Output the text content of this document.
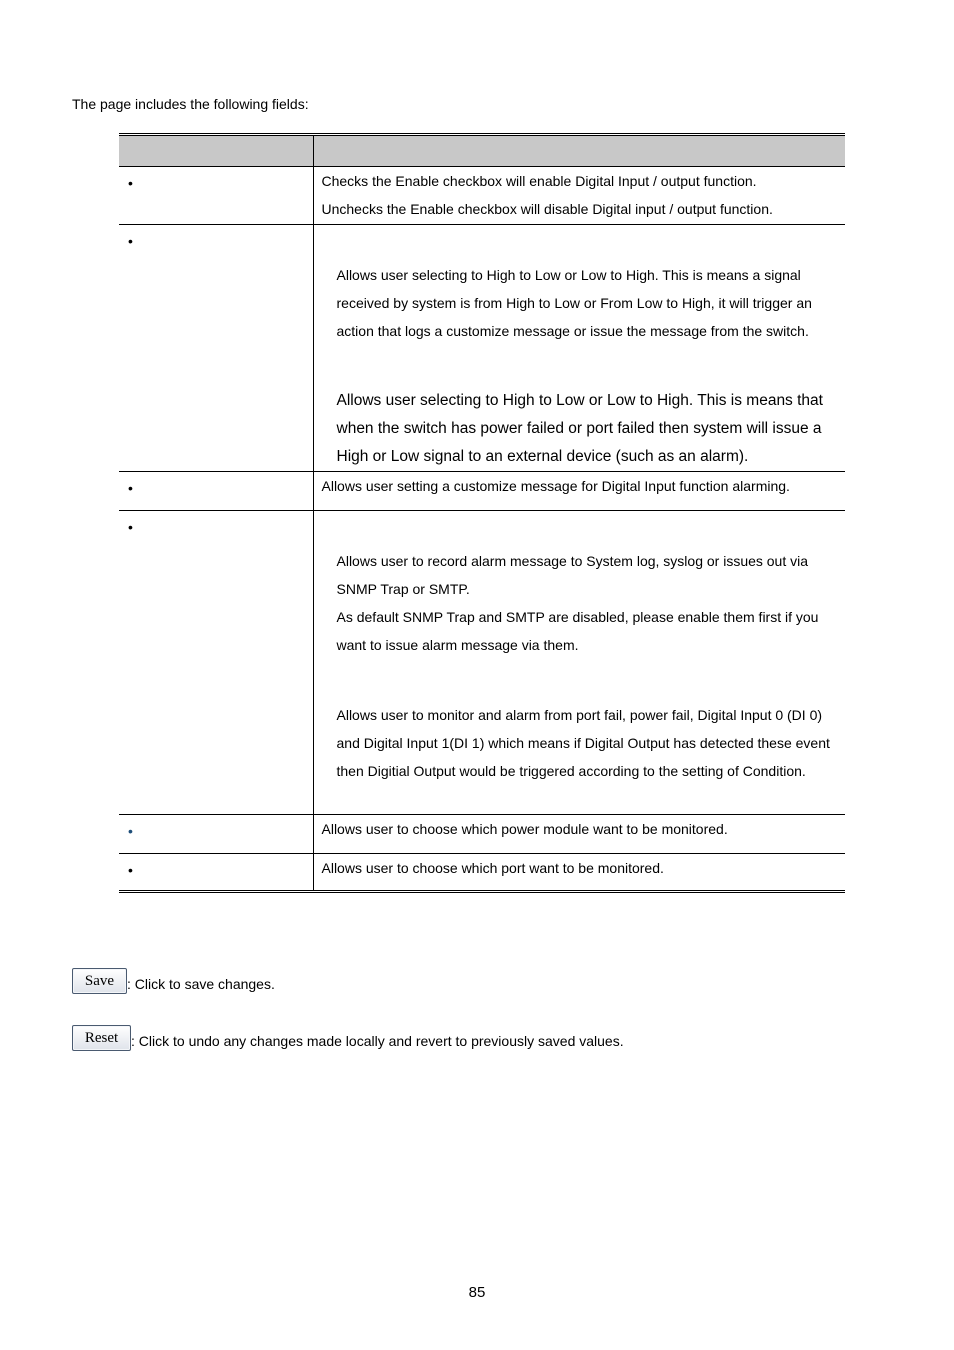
The page includes the following fields:

•	Checks the Enable checkbox will enable Digital Input / output function.

Unchecks the Enable checkbox will disable Digital input / output function.

•	Allows user selecting to High to Low or Low to High. This is means a signal received by system is from High to Low or From Low to High, it will trigger an action that logs a customize message or issue the message from the switch.

Allows user selecting to High to Low or Low to High. This is means that when the switch has power failed or port failed then system will issue a High or Low signal to an external device (such as an alarm).

•	Allows user setting a customize message for Digital Input function alarming.

•	Allows user to record alarm message to System log, syslog or issues out via SNMP Trap or SMTP.

As default SNMP Trap and SMTP are disabled, please enable them first if you want to issue alarm message via them.

Allows user to monitor and alarm from port fail, power fail, Digital Input 0 (DI 0) and Digital Input 1(DI 1) which means if Digital Output has detected these event then Digitial Output would be triggered according to the setting of Condition.

•	Allows user to choose which power module want to be monitored.

•	Allows user to choose which port want to be monitored.

Save : Click to save changes.
Reset : Click to undo any changes made locally and revert to previously saved values.
85
